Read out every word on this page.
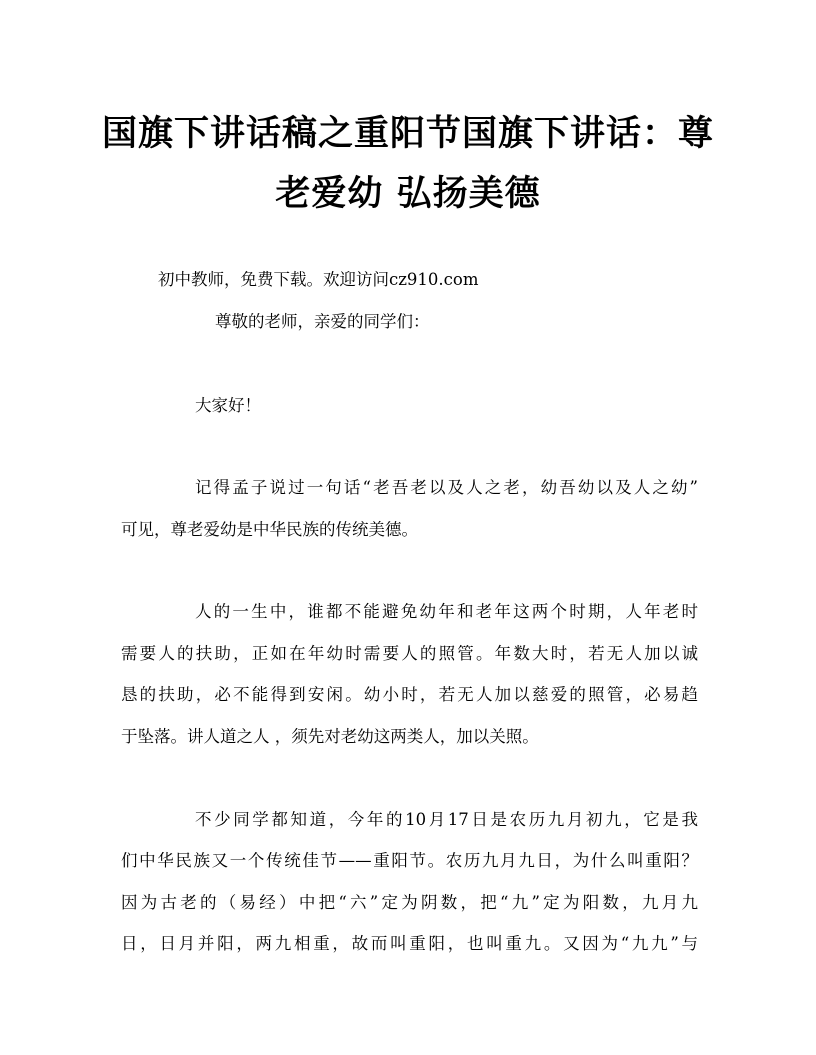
国旗下讲话稿之重阳节国旗下讲话：尊
老爱幼 弘扬美德
初中教师，免费下载。欢迎访问cz910.com
尊敬的老师，亲爱的同学们：
大家好！
记得孟子说过一句话“老吾老以及人之老，幼吾幼以及人之幼”
可见，尊老爱幼是中华民族的传统美德。
人的一生中，谁都不能避免幼年和老年这两个时期，人年老时
需要人的扶助，正如在年幼时需要人的照管。年数大时，若无人加以诚
恳的扶助，必不能得到安闲。幼小时，若无人加以慈爱的照管，必易趋
于坠落。讲人道之人 ，须先对老幼这两类人，加以关照。
不少同学都知道，今年的10月17日是农历九月初九，它是我
们中华民族又一个传统佳节——重阳节。农历九月九日，为什么叫重阳？
因为古老的（易经）中把“六”定为阴数，把“九”定为阳数，九月九
日，日月并阳，两九相重，故而叫重阳，也叫重九。又因为“九九”与
